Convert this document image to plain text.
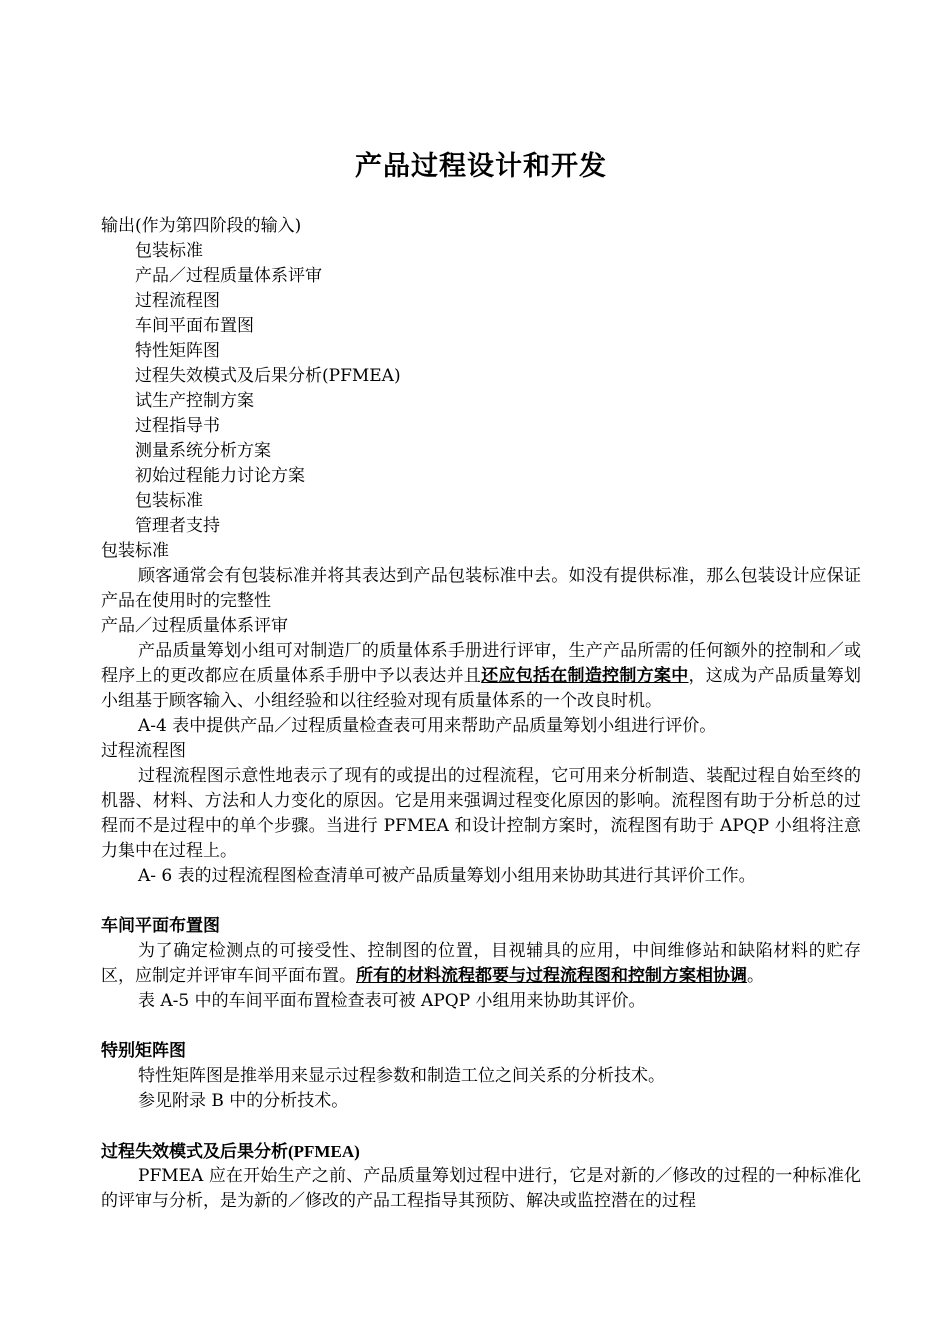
产品过程设计和开发
输出(作为第四阶段的输入)
包装标准
产品／过程质量体系评审
过程流程图
车间平面布置图
特性矩阵图
过程失效模式及后果分析(PFMEA)
试生产控制方案
过程指导书
测量系统分析方案
初始过程能力讨论方案
包装标准
管理者支持
包装标准
顾客通常会有包装标准并将其表达到产品包装标准中去。如没有提供标准，那么包装设计应保证产品在使用时的完整性
产品／过程质量体系评审
产品质量筹划小组可对制造厂的质量体系手册进行评审，生产产品所需的任何额外的控制和／或程序上的更改都应在质量体系手册中予以表达并且还应包括在制造控制方案中，这成为产品质量筹划小组基于顾客输入、小组经验和以往经验对现有质量体系的一个改良时机。
A-4 表中提供产品／过程质量检查表可用来帮助产品质量筹划小组进行评价。
过程流程图
过程流程图示意性地表示了现有的或提出的过程流程，它可用来分析制造、装配过程自始至终的机器、材料、方法和人力变化的原因。它是用来强调过程变化原因的影响。流程图有助于分析总的过程而不是过程中的单个步骤。当进行 PFMEA 和设计控制方案时，流程图有助于 APQP 小组将注意力集中在过程上。
A- 6 表的过程流程图检查清单可被产品质量筹划小组用来协助其进行其评价工作。
车间平面布置图
为了确定检测点的可接受性、控制图的位置，目视辅具的应用，中间维修站和缺陷材料的贮存区，应制定并评审车间平面布置。所有的材料流程都要与过程流程图和控制方案相协调。
表 A-5 中的车间平面布置检查表可被 APQP 小组用来协助其评价。
特别矩阵图
特性矩阵图是推举用来显示过程参数和制造工位之间关系的分析技术。
参见附录 B 中的分析技术。
过程失效模式及后果分析(PFMEA)
PFMEA 应在开始生产之前、产品质量筹划过程中进行，它是对新的／修改的过程的一种标准化的评审与分析，是为新的／修改的产品工程指导其预防、解决或监控潜在的过程
